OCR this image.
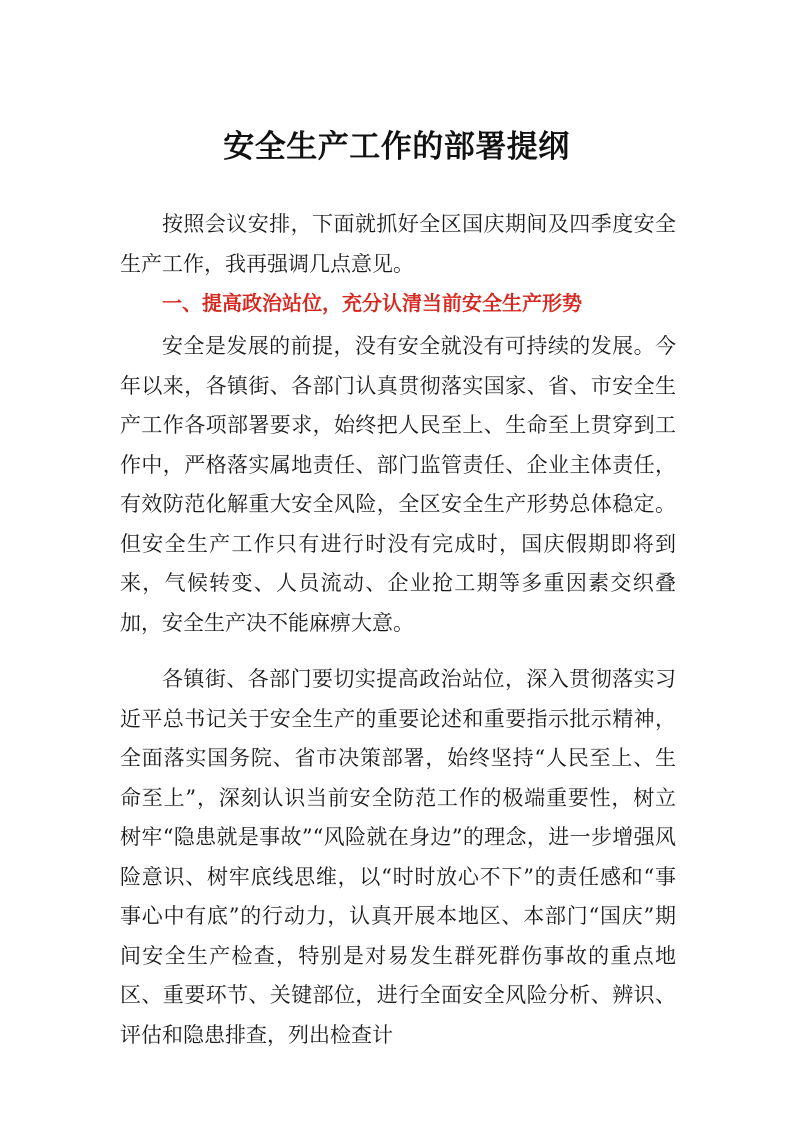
安全生产工作的部署提纲

按照会议安排，下面就抓好全区国庆期间及四季度安全生产工作，我再强调几点意见。

一、提高政治站位，充分认清当前安全生产形势

安全是发展的前提，没有安全就没有可持续的发展。今年以来，各镇街、各部门认真贯彻落实国家、省、市安全生产工作各项部署要求，始终把人民至上、生命至上贯穿到工作中，严格落实属地责任、部门监管责任、企业主体责任，有效防范化解重大安全风险，全区安全生产形势总体稳定。但安全生产工作只有进行时没有完成时，国庆假期即将到来，气候转变、人员流动、企业抢工期等多重因素交织叠加，安全生产决不能麻痹大意。

各镇街、各部门要切实提高政治站位，深入贯彻落实习近平总书记关于安全生产的重要论述和重要指示批示精神，全面落实国务院、省市决策部署，始终坚持“人民至上、生命至上”，深刻认识当前安全防范工作的极端重要性，树立树牢“隐患就是事故”“风险就在身边”的理念，进一步增强风险意识、树牢底线思维，以“时时放心不下”的责任感和“事事心中有底”的行动力，认真开展本地区、本部门“国庆”期间安全生产检查，特别是对易发生群死群伤事故的重点地区、重要环节、关键部位，进行全面安全风险分析、辨识、评估和隐患排查，列出检查计
